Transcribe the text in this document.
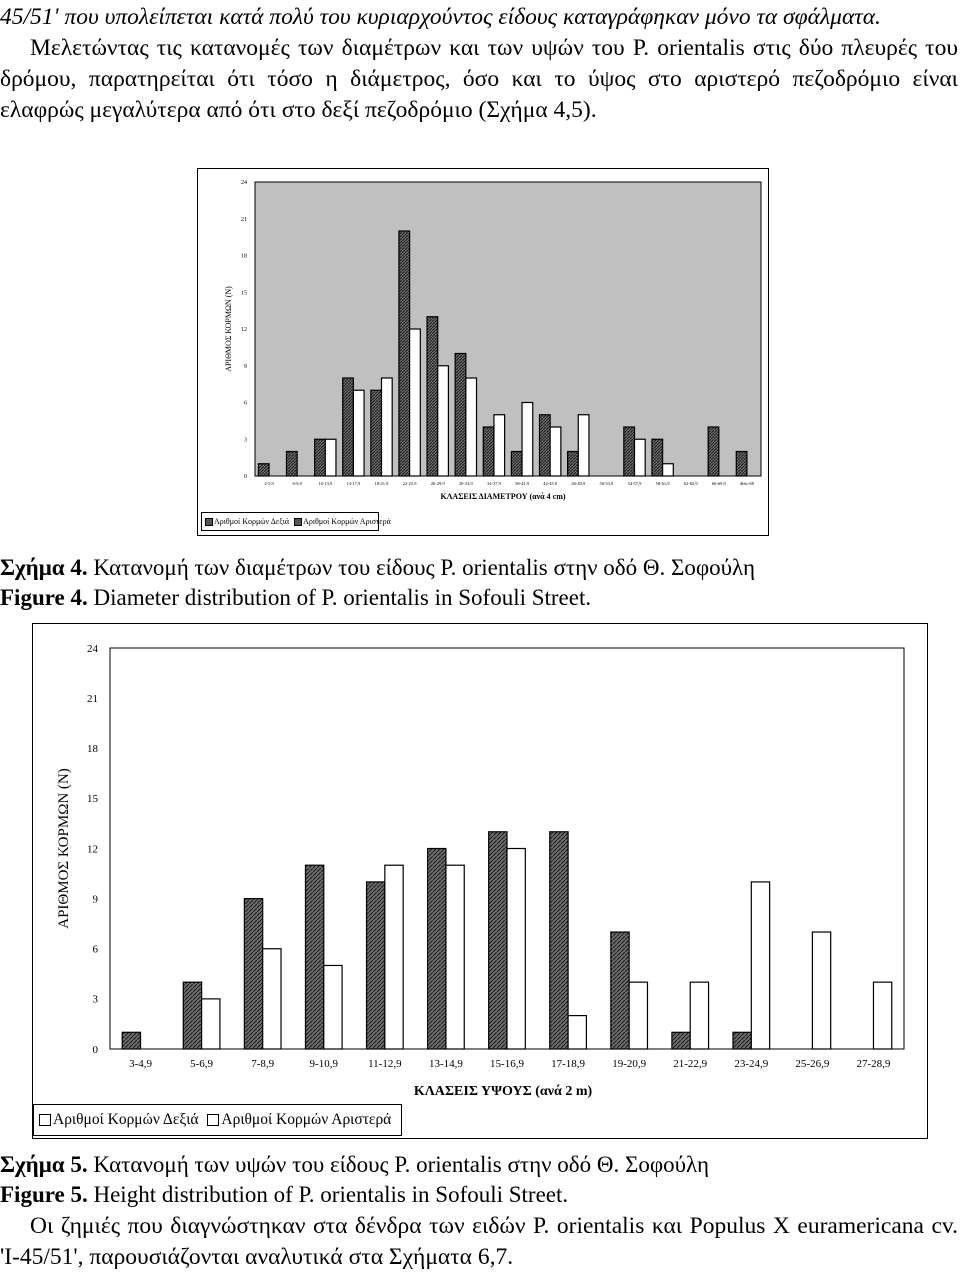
45/51' που υπολείπεται κατά πολύ του κυριαρχούντος είδους καταγράφηκαν μόνο τα σφάλματα.

Μελετώντας τις κατανομές των διαμέτρων και των υψών του P. orientalis στις δύο πλευρές του δρόμου, παρατηρείται ότι τόσο η διάμετρος, όσο και το ύψος στο αριστερό πεζοδρόμιο είναι ελαφρώς μεγαλύτερα από ότι στο δεξί πεζοδρόμιο (Σχήμα 4,5).

0
3
6
9
12
15
18
21
24
ΑΡΙΘΜΟΣ ΚΟΡΜΩΝ (Ν)
2-5,9	6-9,9	10-13,9	14-17,9	18-21,9	22-25,9	26-29,9	30-33,9	34-37,9	38-41,9	42-45,9	46-49,9	50-53,9	54-57,9	58-61,9	62-65,9	66-69,9	dbh>68
ΚΛΑΣΕΙΣ ΔΙΑΜΕΤΡΟΥ (ανά 4 cm)
Αριθμοί Κορμών Δεξιά Αριθμοί Κορμών Αριστερά
Σχήμα 4. Κατανομή των διαμέτρων του είδους P. orientalis στην οδό Θ. Σοφούλη
Figure 4. Diameter distribution of P. orientalis in Sofouli Street.
0
3
6
9
12
15
18
21
24
ΑΡΙΘΜΟΣ ΚΟΡΜΩΝ (Ν)
3-4,9	5-6,9	7-8,9	9-10,9	11-12,9 13-14,9 15-16,9 17-18,9 19-20,9 21-22,9 23-24,9 25-26,9 27-28,9
ΚΛΑΣΕΙΣ ΥΨΟΥΣ (ανά 2 m)
Αριθμοί Κορμών Δεξιά Αριθμοί Κορμών Αριστερά
Σχήμα 5. Κατανομή των υψών του είδους P. orientalis στην οδό Θ. Σοφούλη
Figure 5. Height distribution of P. orientalis in Sofouli Street.
Οι ζημιές που διαγνώστηκαν στα δένδρα των ειδών P. orientalis και Populus X euramericana cv. 'I-45/51', παρουσιάζονται αναλυτικά στα Σχήματα 6,7.
